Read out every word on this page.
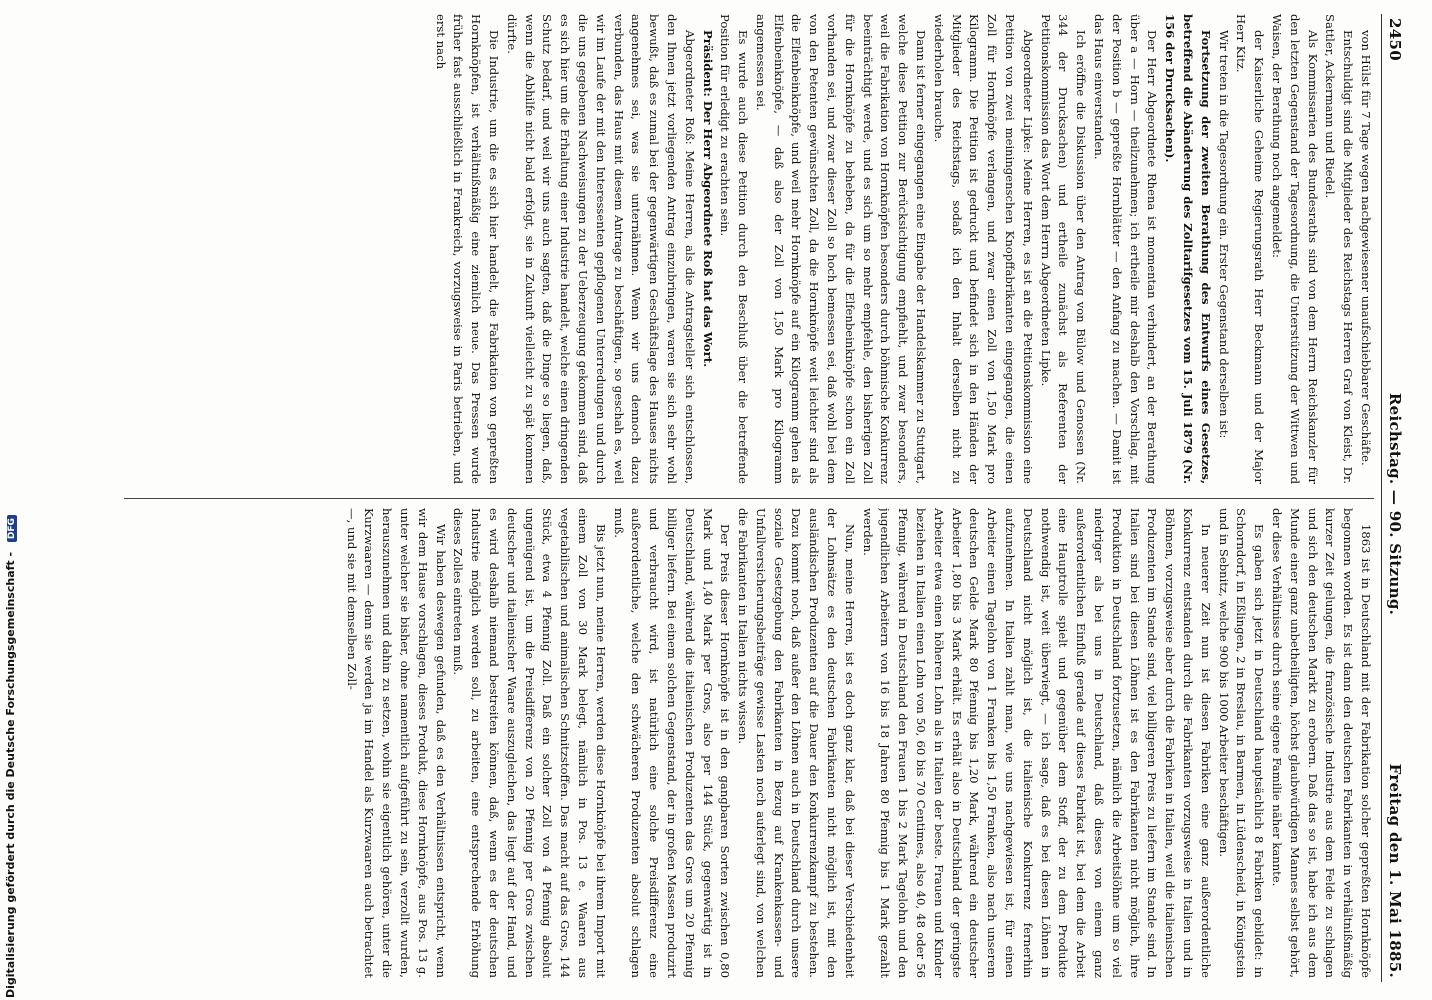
Digitalisierung gefördert durch die Deutsche Forschungsgemeinschaft - DFG
2450
Reichstag. — 90. Sitzung.
Freitag den 1. Mai 1885.

von Hülst für 7 Tage wegen nachgewiesener unaufschiebbarer Geschäfte.

Entschuldigt sind die Mitglieder des Reichstags Herren Graf von Kleist, Dr. Sattler, Ackermann und Riedel.

Als Kommissarien des Bundesraths sind von dem Herrn Reichskanzler für den letzten Gegenstand der Tagesordnung, die Unterstützung der Wittwen und Waisen, der Berathung noch angemeldet:

der Kaiserliche Geheime Regierungsrath Herr Beckmann und der Major Herr Kitz.

Wir treten in die Tagesordnung ein. Erster Gegenstand derselben ist:

Fortsetzung der zweiten Berathung des Entwurfs eines Gesetzes, betreffend die Abänderung des Zolltarifgesetzes vom 15. Juli 1879 (Nr. 156 der Drucksachen).

Der Herr Abgeordnete Rhena ist momentan verhindert, an der Berathung über a — Horn — theilzunehmen; ich ertheile mir deshalb den Vorschlag, mit der Position b — gepreßte Hornblätter — den Anfang zu machen. — Damit ist das Haus einverstanden.

Ich eröffne die Diskussion über den Antrag von Bülow und Genossen (Nr. 344 der Drucksachen) und ertheile zunächst als Referenten der Petitionskommission das Wort dem Herrn Abgeordneten Lipke.

Abgeordneter Lipke: Meine Herren, es ist an die Petitionskommission eine Petition von zwei meiningenschen Knopffabrikanten eingegangen, die einen Zoll für Hornknöpfe verlangen, und zwar einen Zoll von 1,50 Mark pro Kilogramm. Die Petition ist gedruckt und befindet sich in den Händen der Mitglieder des Reichstags, sodaß ich den Inhalt derselben nicht zu wiederholen brauche.

Dann ist ferner eingegangen eine Eingabe der Handelskammer zu Stuttgart, welche diese Petition zur Berücksichtigung empfiehlt, und zwar besonders, weil die Fabrikation von Hornknöpfen besonders durch böhmische Konkurrenz beeinträchtigt werde, und es sich um so mehr empfehle, den bisherigen Zoll für die Hornknöpfe zu beheben, da für die Elfenbeinknöpfe schon ein Zoll vorhanden sei, und zwar dieser Zoll so hoch bemessen sei, daß wohl bei dem von den Petenten gewünschten Zoll, da die Hornknöpfe weit leichter sind als die Elfenbeinknöpfe, und weil mehr Hornknöpfe auf ein Kilogramm gehen als Elfenbeinknöpfe, — daß also der Zoll von 1,50 Mark pro Kilogramm angemessen sei.

Es wurde auch diese Petition durch den Beschluß über die betreffende Position für erledigt zu erachten sein.

Präsident: Der Herr Abgeordnete Roß hat das Wort.

Abgeordneter Roß: Meine Herren, als die Antragsteller sich entschlossen, den Ihnen jetzt vorliegenden Antrag einzubringen, waren sie sich sehr wohl bewußt, daß es zumal bei der gegenwärtigen Geschäftslage des Hauses nichts angenehmes sei, was sie unternähmen. Wenn wir uns dennoch dazu verbunden, das Haus mit diesem Antrage zu beschäftigen, so geschah es, weil wir im Laufe der mit den Interessenten gepflogenen Unterredungen und durch die uns gegebenen Nachweisungen zu der Ueberzeugung gekommen sind, daß es sich hier um die Erhaltung einer Industrie handelt, welche einen dringenden Schutz bedarf, und weil wir uns auch sagten, daß die Dinge so liegen, daß, wenn die Abhilfe nicht bald erfolgt, sie in Zukunft vielleicht zu spät kommen dürfte.

Die Industrie, um die es sich hier handelt, die Fabrikation von gepreßten Hornknöpfen, ist verhältnißmäßig eine ziemlich neue. Das Pressen wurde früher fast ausschließlich in Frankreich, vorzugsweise in Paris betrieben, und erst nach

1863 ist in Deutschland mit der Fabrikation solcher gepreßten Hornknöpfe begonnen worden. Es ist dann den deutschen Fabrikanten in verhältnißmäßig kurzer Zeit gelungen, die französische Industrie aus dem Felde zu schlagen und sich den deutschen Markt zu erobern. Daß das so ist, habe ich aus dem Munde einer ganz unbetheiligten, höchst glaubwürdigen Mannes selbst gehört, der diese Verhältnisse durch seine eigene Familie näher kannte.

Es gaben sich jetzt in Deutschland hauptsächlich 8 Fabriken gebildet: in Schorndorf, in Eßlingen, 2 in Breslau, in Barmen, in Lüdenscheid, in Königstein und in Sebnitz, welche 900 bis 1000 Arbeiter beschäftigen.

In neuerer Zeit nun ist diesen Fabriken eine ganz außerordentliche Konkurrenz entstanden durch die Fabrikanten vorzugsweise in Italien und in Böhmen, vorzugsweise aber durch die Fabriken in Italien, weil die italienischen Produzenten im Stande sind, viel billigeren Preis zu liefern im Stande sind. In Italien sind bei diesen Löhnen ist es den Fabrikanten nicht möglich, ihre Produktion in Deutschland fortzusetzen, nämlich die Arbeitslöhne um so viel niedriger als bei uns in Deutschland, daß dieses von einem ganz außerordentlichen Einfluß gerade auf dieses Fabrikat ist, bei dem die Arbeit eine Hauptrolle spielt und gegenüber dem Stoff, der zu dem Produkte nothwendig ist, weit überwiegt, — ich sage, daß es bei diesen Löhnen in Deutschland nicht möglich ist, die italienische Konkurrenz fernerhin aufzunehmen. In Italien zahlt man, wie uns nachgewiesen ist, für einen Arbeiter einen Tagelohn von 1 Franken bis 1,50 Franken, also nach unserem deutschen Gelde Mark 80 Pfennig bis 1,20 Mark, während ein deutscher Arbeiter 1,80 bis 3 Mark erhält. Es erhält also in Deutschland der geringste Arbeiter etwa einen höheren Lohn als in Italien der beste. Frauen und Kinder beziehen in Italien einen Lohn von 50, 60 bis 70 Centimes, also 40, 48 oder 56 Pfennig, während in Deutschland den Frauen 1 bis 2 Mark Tagelohn und den jugendlichen Arbeitern von 16 bis 18 Jahren 80 Pfennig bis 1 Mark gezahlt werden.

Nun, meine Herren, ist es doch ganz klar, daß bei dieser Verschiedenheit der Lohnsätze es den deutschen Fabrikanten nicht möglich ist, mit den ausländischen Produzenten auf die Dauer den Konkurrenzkampf zu bestehen. Dazu kommt noch, daß außer den Löhnen auch in Deutschland durch unsere soziale Gesetzgebung den Fabrikanten in Bezug auf Krankenkassen- und Unfallversicherungsbeiträge gewisse Lasten noch auferlegt sind, von welchen die Fabrikanten in Italien nichts wissen.

Der Preis dieser Hornknöpfe ist in den gangbaren Sorten zwischen 0,80 Mark und 1,40 Mark per Gros, also per 144 Stück, gegenwärtig ist in Deutschland, während die italienischen Produzenten das Gros um 20 Pfennig billiger liefern. Bei einem solchen Gegenstand, der in großen Massen produzirt und verbraucht wird, ist natürlich eine solche Preisdifferenz eine außerordentliche, welche den schwächeren Produzenten absolut schlagen muß.

Bis jetzt nun, meine Herren, werden diese Hornknöpfe bei ihrem Import mit einem Zoll von 30 Mark belegt, nämlich in Pos. 13 e. Waaren aus vegetabilischen und animalischen Schnitzstoffen. Das macht auf das Gros, 144 Stück, etwa 4 Pfennig Zoll. Daß ein solcher Zoll von 4 Pfennig absolut ungenügend ist, um die Preisdifferenz von 20 Pfennig per Gros zwischen deutscher und italienischer Waare auszugleichen, das liegt auf der Hand, und es wird deshalb niemand bestreiten können, daß, wenn es der deutschen Industrie möglich werden soll, zu arbeiten, eine entsprechende Erhöhung dieses Zolles eintreten muß.

Wir haben deswegen gefunden, daß es den Verhältnissen entspricht, wenn wir dem Hause vorschlagen, dieses Produkt, diese Hornknöpfe, aus Pos. 13 g. unter welcher sie bisher, ohne namentlich aufgeführt zu sein, verzollt wurden, herauszunehmen und dahin zu setzen, wohin sie eigentlich gehören, unter die Kurzwaaren — denn sie werden ja im Handel als Kurzwaaren auch betrachtet —, und sie mit demselben Zoll-
